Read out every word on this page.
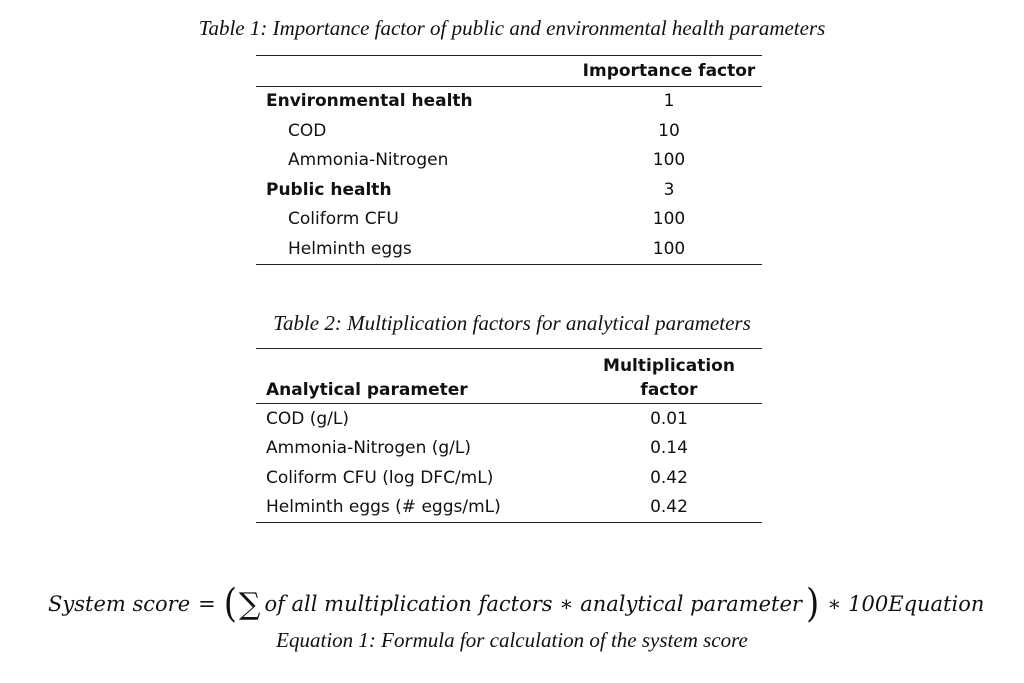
Table 1: Importance factor of public and environmental health parameters
	Importance factor
Environmental health	1
COD	10
Ammonia-Nitrogen	100
Public health	3
Coliform CFU	100
Helminth eggs	100
Table 2: Multiplication factors for analytical parameters
	Multiplication
Analytical parameter	factor
COD (g/L)	0.01
Ammonia-Nitrogen (g/L)	0.14
Coliform CFU (log DFC/mL)	0.42
Helminth eggs (# eggs/mL)	0.42
System score = ( ∑ of all multiplication factors ∗ analytical parameter ) ∗ 100Equation
Equation 1: Formula for calculation of the system score
